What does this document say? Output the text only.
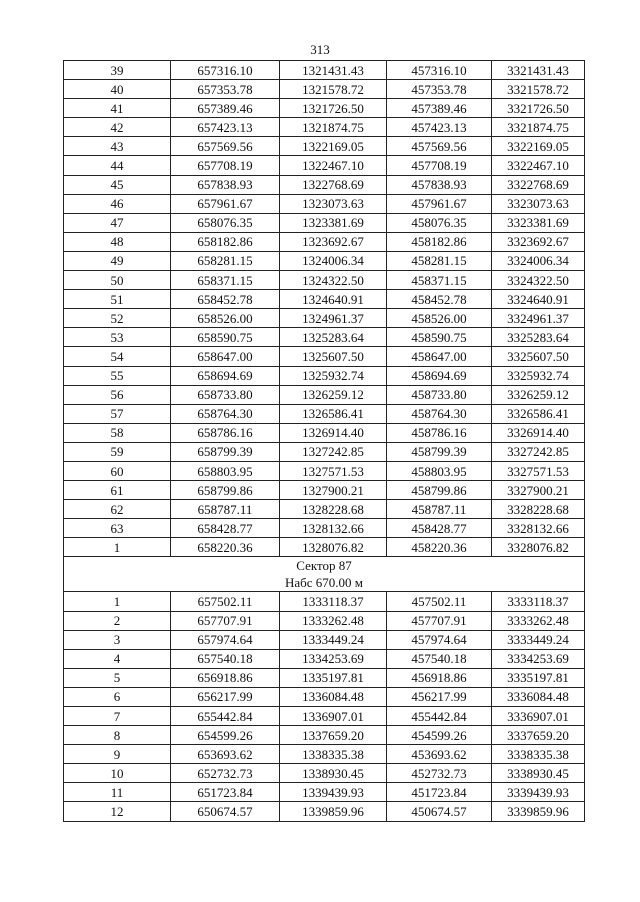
313
39	657316.10	1321431.43	457316.10	3321431.43
40	657353.78	1321578.72	457353.78	3321578.72
41	657389.46	1321726.50	457389.46	3321726.50
42	657423.13	1321874.75	457423.13	3321874.75
43	657569.56	1322169.05	457569.56	3322169.05
44	657708.19	1322467.10	457708.19	3322467.10
45	657838.93	1322768.69	457838.93	3322768.69
46	657961.67	1323073.63	457961.67	3323073.63
47	658076.35	1323381.69	458076.35	3323381.69
48	658182.86	1323692.67	458182.86	3323692.67
49	658281.15	1324006.34	458281.15	3324006.34
50	658371.15	1324322.50	458371.15	3324322.50
51	658452.78	1324640.91	458452.78	3324640.91
52	658526.00	1324961.37	458526.00	3324961.37
53	658590.75	1325283.64	458590.75	3325283.64
54	658647.00	1325607.50	458647.00	3325607.50
55	658694.69	1325932.74	458694.69	3325932.74
56	658733.80	1326259.12	458733.80	3326259.12
57	658764.30	1326586.41	458764.30	3326586.41
58	658786.16	1326914.40	458786.16	3326914.40
59	658799.39	1327242.85	458799.39	3327242.85
60	658803.95	1327571.53	458803.95	3327571.53
61	658799.86	1327900.21	458799.86	3327900.21
62	658787.11	1328228.68	458787.11	3328228.68
63	658428.77	1328132.66	458428.77	3328132.66
1	658220.36	1328076.82	458220.36	3328076.82

Сектор 87
Набс 670.00 м				

1	657502.11	1333118.37	457502.11	3333118.37
2	657707.91	1333262.48	457707.91	3333262.48
3	657974.64	1333449.24	457974.64	3333449.24
4	657540.18	1334253.69	457540.18	3334253.69
5	656918.86	1335197.81	456918.86	3335197.81
6	656217.99	1336084.48	456217.99	3336084.48
7	655442.84	1336907.01	455442.84	3336907.01
8	654599.26	1337659.20	454599.26	3337659.20
9	653693.62	1338335.38	453693.62	3338335.38
10	652732.73	1338930.45	452732.73	3338930.45
11	651723.84	1339439.93	451723.84	3339439.93
12	650674.57	1339859.96	450674.57	3339859.96
